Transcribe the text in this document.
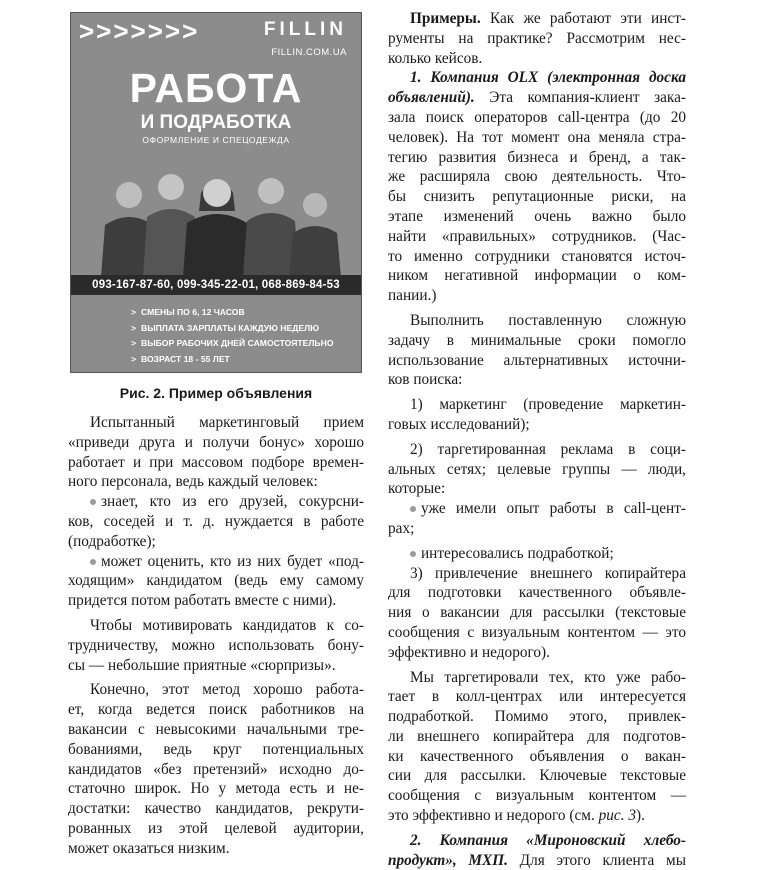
>>>>>>>	FILLIN
FILLIN.COM.UA
РАБОТА
И ПОДРАБОТКА
ОФОРМЛЕНИЕ И СПЕЦОДЕЖДА
093-167-87-60, 099-345-22-01, 068-869-84-53
> СМЕНЫ ПО 6, 12 ЧАСОВ
> ВЫПЛАТА ЗАРПЛАТЫ КАЖДУЮ НЕДЕЛЮ
> ВЫБОР РАБОЧИХ ДНЕЙ САМОСТОЯТЕЛЬНО
> ВОЗРАСТ 18 - 55 ЛЕТ
Рис. 2. Пример объявления

Испытанный маркетинговый прием

«приведи друга и получи бонус» хорошо

работает и при массовом подборе времен-

ного персонала, ведь каждый человек:

знает, кто из его друзей, сокурсни-

ков, соседей и т. д. нуждается в работе

(подработке);

может оценить, кто из них будет «под-

ходящим» кандидатом (ведь ему самому

придется потом работать вместе с ними).

Чтобы мотивировать кандидатов к со-

трудничеству, можно использовать бону-

сы — небольшие приятные «сюрпризы».

Конечно, этот метод хорошо работа-

ет, когда ведется поиск работников на

вакансии с невысокими начальными тре-

бованиями, ведь круг потенциальных

кандидатов «без претензий» исходно до-

статочно широк. Но у метода есть и не-

достатки: качество кандидатов, рекрути-

рованных из этой целевой аудитории,

может оказаться низким.

Примеры. Как же работают эти инст-

рументы на практике? Рассмотрим нес-

колько кейсов.

1. Компания OLX (электронная доска

объявлений). Эта компания-клиент зака-

зала поиск операторов call-центра (до 20

человек). На тот момент она меняла стра-

тегию развития бизнеса и бренд, а так-

же расширяла свою деятельность. Что-

бы снизить репутационные риски, на

этапе изменений очень важно было

найти «правильных» сотрудников. (Час-

то именно сотрудники становятся источ-

ником негативной информации о ком-

пании.)

Выполнить поставленную сложную

задачу в минимальные сроки помогло

использование альтернативных источни-

ков поиска:

1) маркетинг (проведение маркетин-

говых исследований);

2) таргетированная реклама в соци-

альных сетях; целевые группы — люди,

которые:

уже имели опыт работы в call-цент-

рах;

интересовались подработкой;

3) привлечение внешнего копирайтера

для подготовки качественного объявле-

ния о вакансии для рассылки (текстовые

сообщения с визуальным контентом — это

эффективно и недорого).

Мы таргетировали тех, кто уже рабо-

тает в колл-центрах или интересуется

подработкой. Помимо этого, привлек-

ли внешнего копирайтера для подготов-

ки качественного объявления о вакан-

сии для рассылки. Ключевые текстовые

сообщения с визуальным контентом —

это эффективно и недорого (см. рис. 3).

2. Компания «Мироновский хлебо-

продукт», МХП. Для этого клиента мы
